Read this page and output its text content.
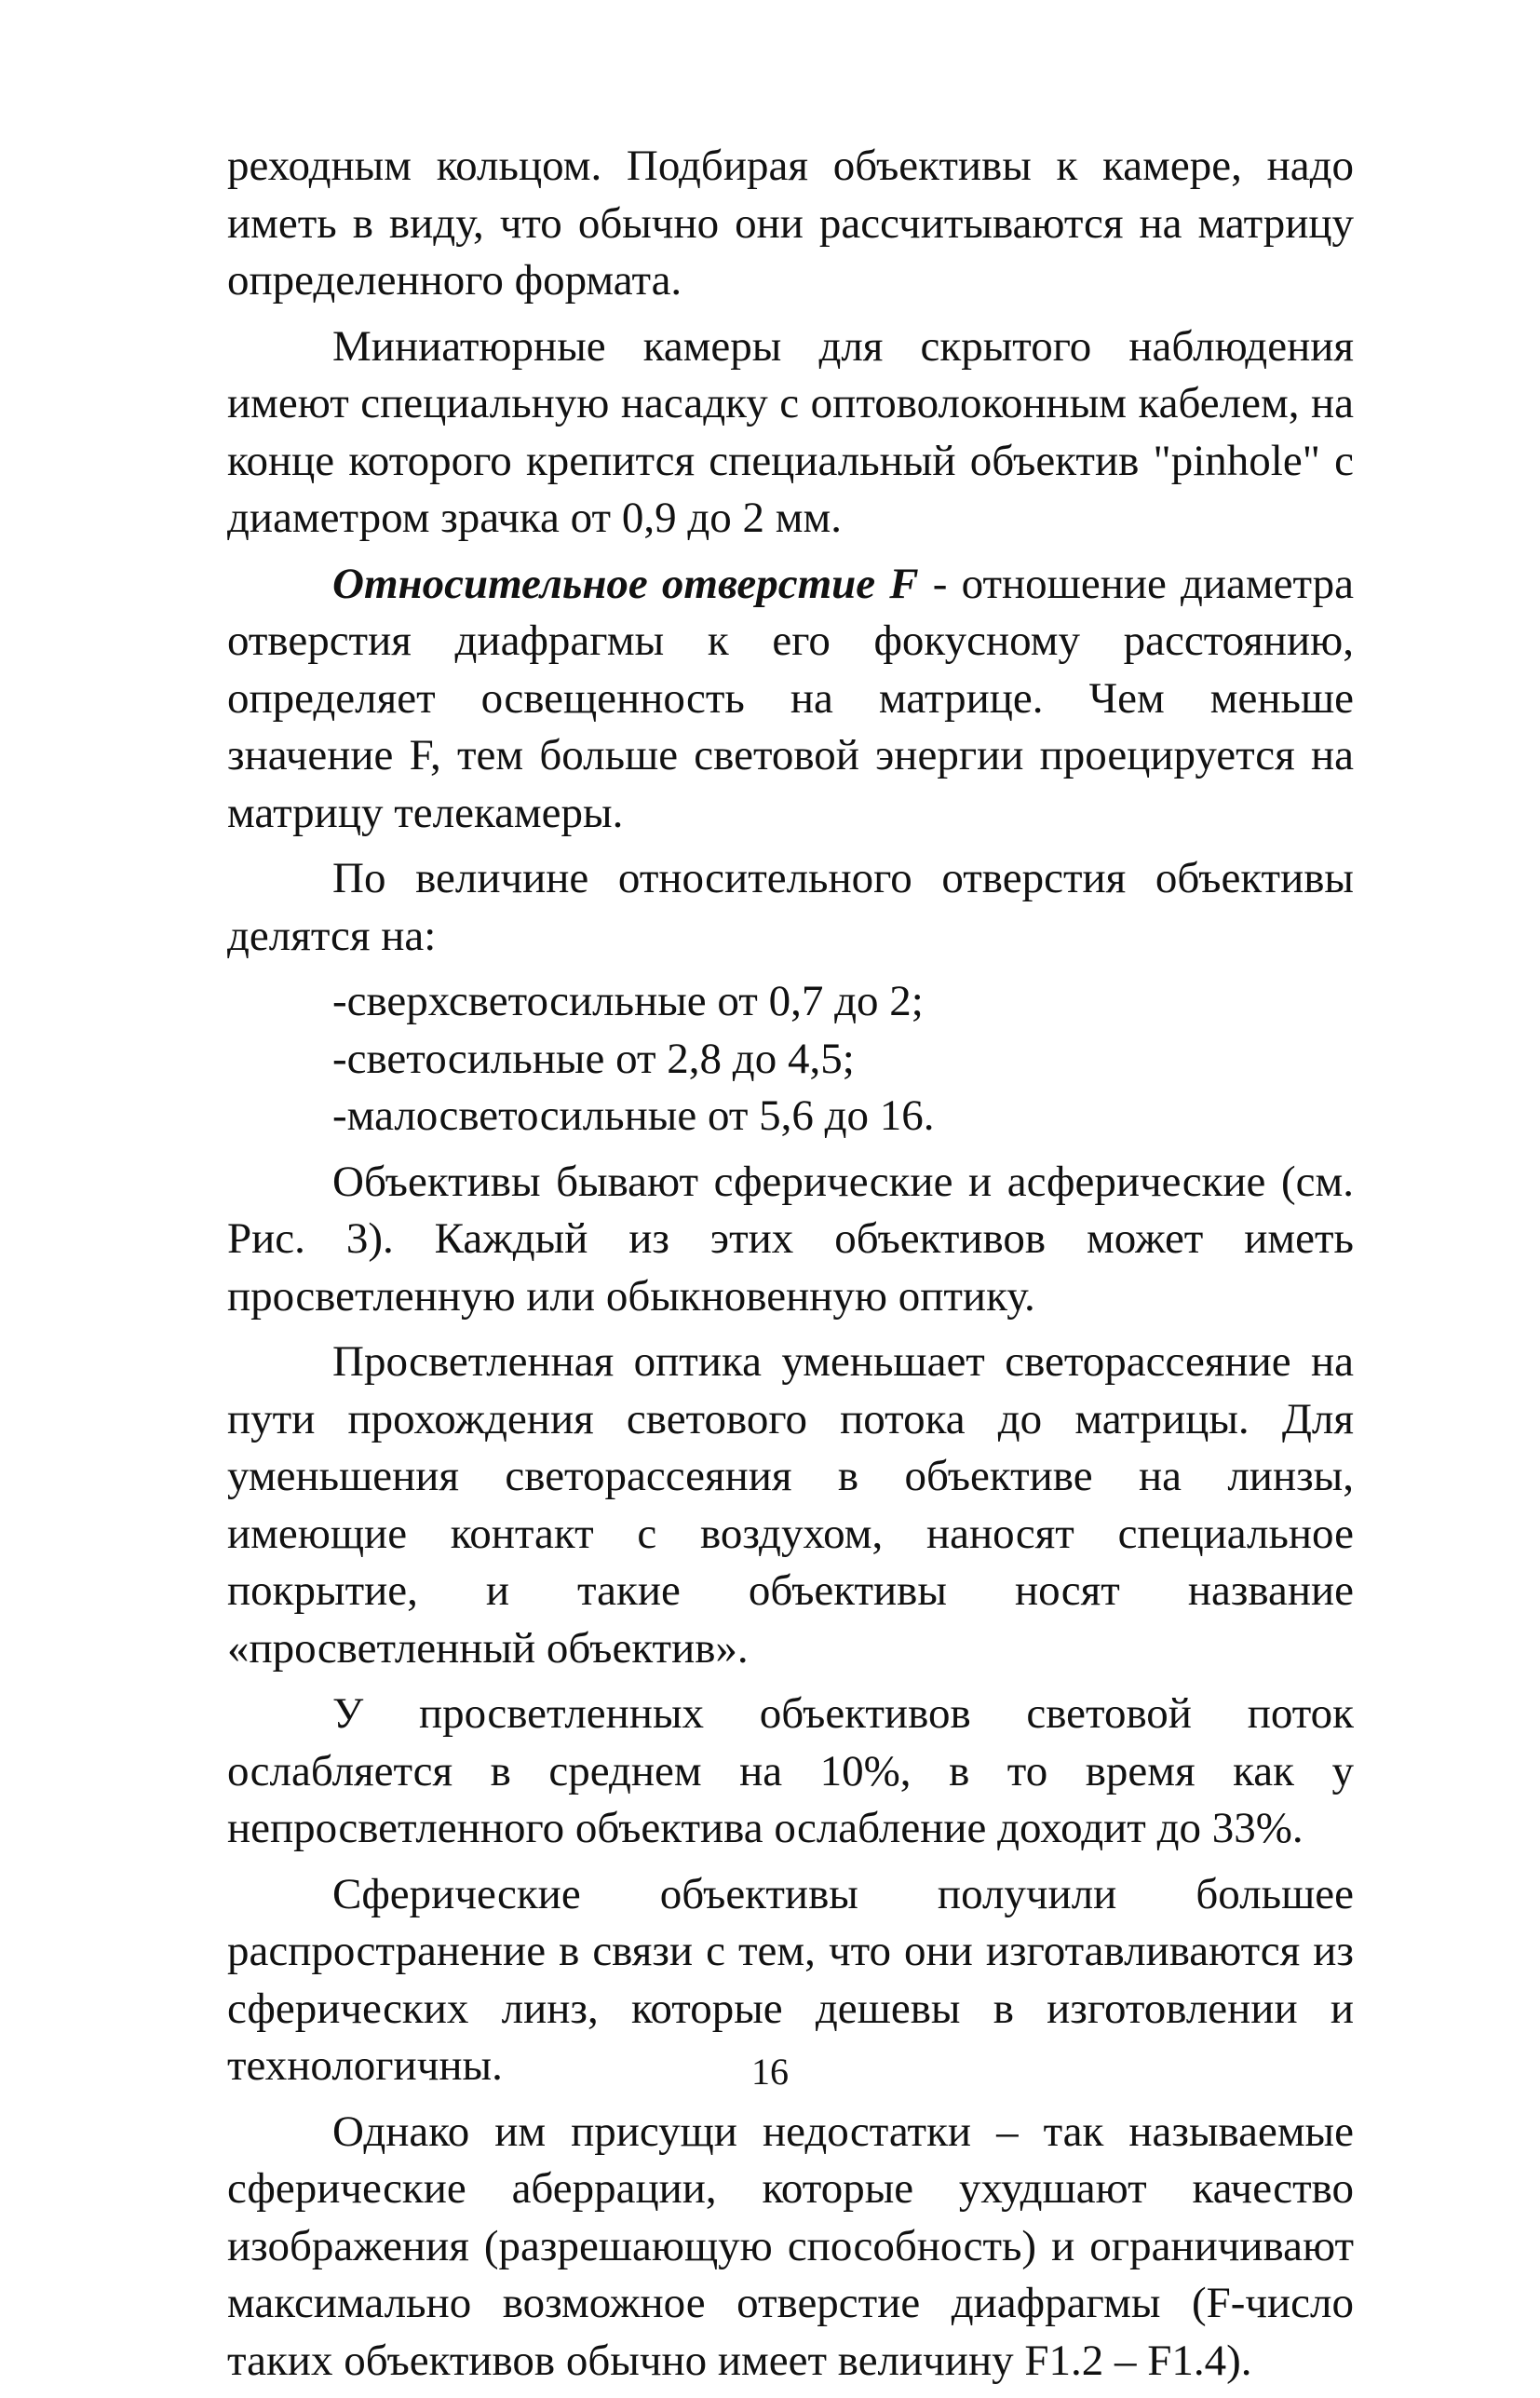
реходным кольцом. Подбирая объективы к камере, надо иметь в виду, что обычно они рассчитываются на матрицу определенного формата.

Миниатюрные камеры для скрытого наблюдения имеют специальную насадку с оптоволоконным кабелем, на конце которого крепится специальный объектив "pinhole" с диаметром зрачка от 0,9 до 2 мм.

Относительное отверстие F - отношение диаметра отверстия диафрагмы к его фокусному расстоянию, определяет освещенность на матрице. Чем меньше значение F, тем больше световой энергии проецируется на матрицу телекамеры.

По величине относительного отверстия объективы делятся на:

-сверхсветосильные от 0,7 до 2;
-светосильные от 2,8 до 4,5;
-малосветосильные от 5,6 до 16.

Объективы бывают сферические и асферические (см. Рис. 3). Каждый из этих объективов может иметь просветленную или обыкновенную оптику.

Просветленная оптика уменьшает светорассеяние на пути прохождения светового потока до матрицы. Для уменьшения светорассеяния в объективе на линзы, имеющие контакт с воздухом, наносят специальное покрытие, и такие объективы носят название «просветленный объектив».

У просветленных объективов световой поток ослабляется в среднем на 10%, в то время как у непросветленного объектива ослабление доходит до 33%.

Сферические объективы получили большее распространение в связи с тем, что они изготавливаются из сферических линз, которые дешевы в изготовлении и технологичны.

Однако им присущи недостатки – так называемые сферические аберрации, которые ухудшают качество изображения (разрешающую способность) и ограничивают максимально возможное отверстие диафрагмы (F-число таких объективов обычно имеет величину F1.2 – F1.4).

16
